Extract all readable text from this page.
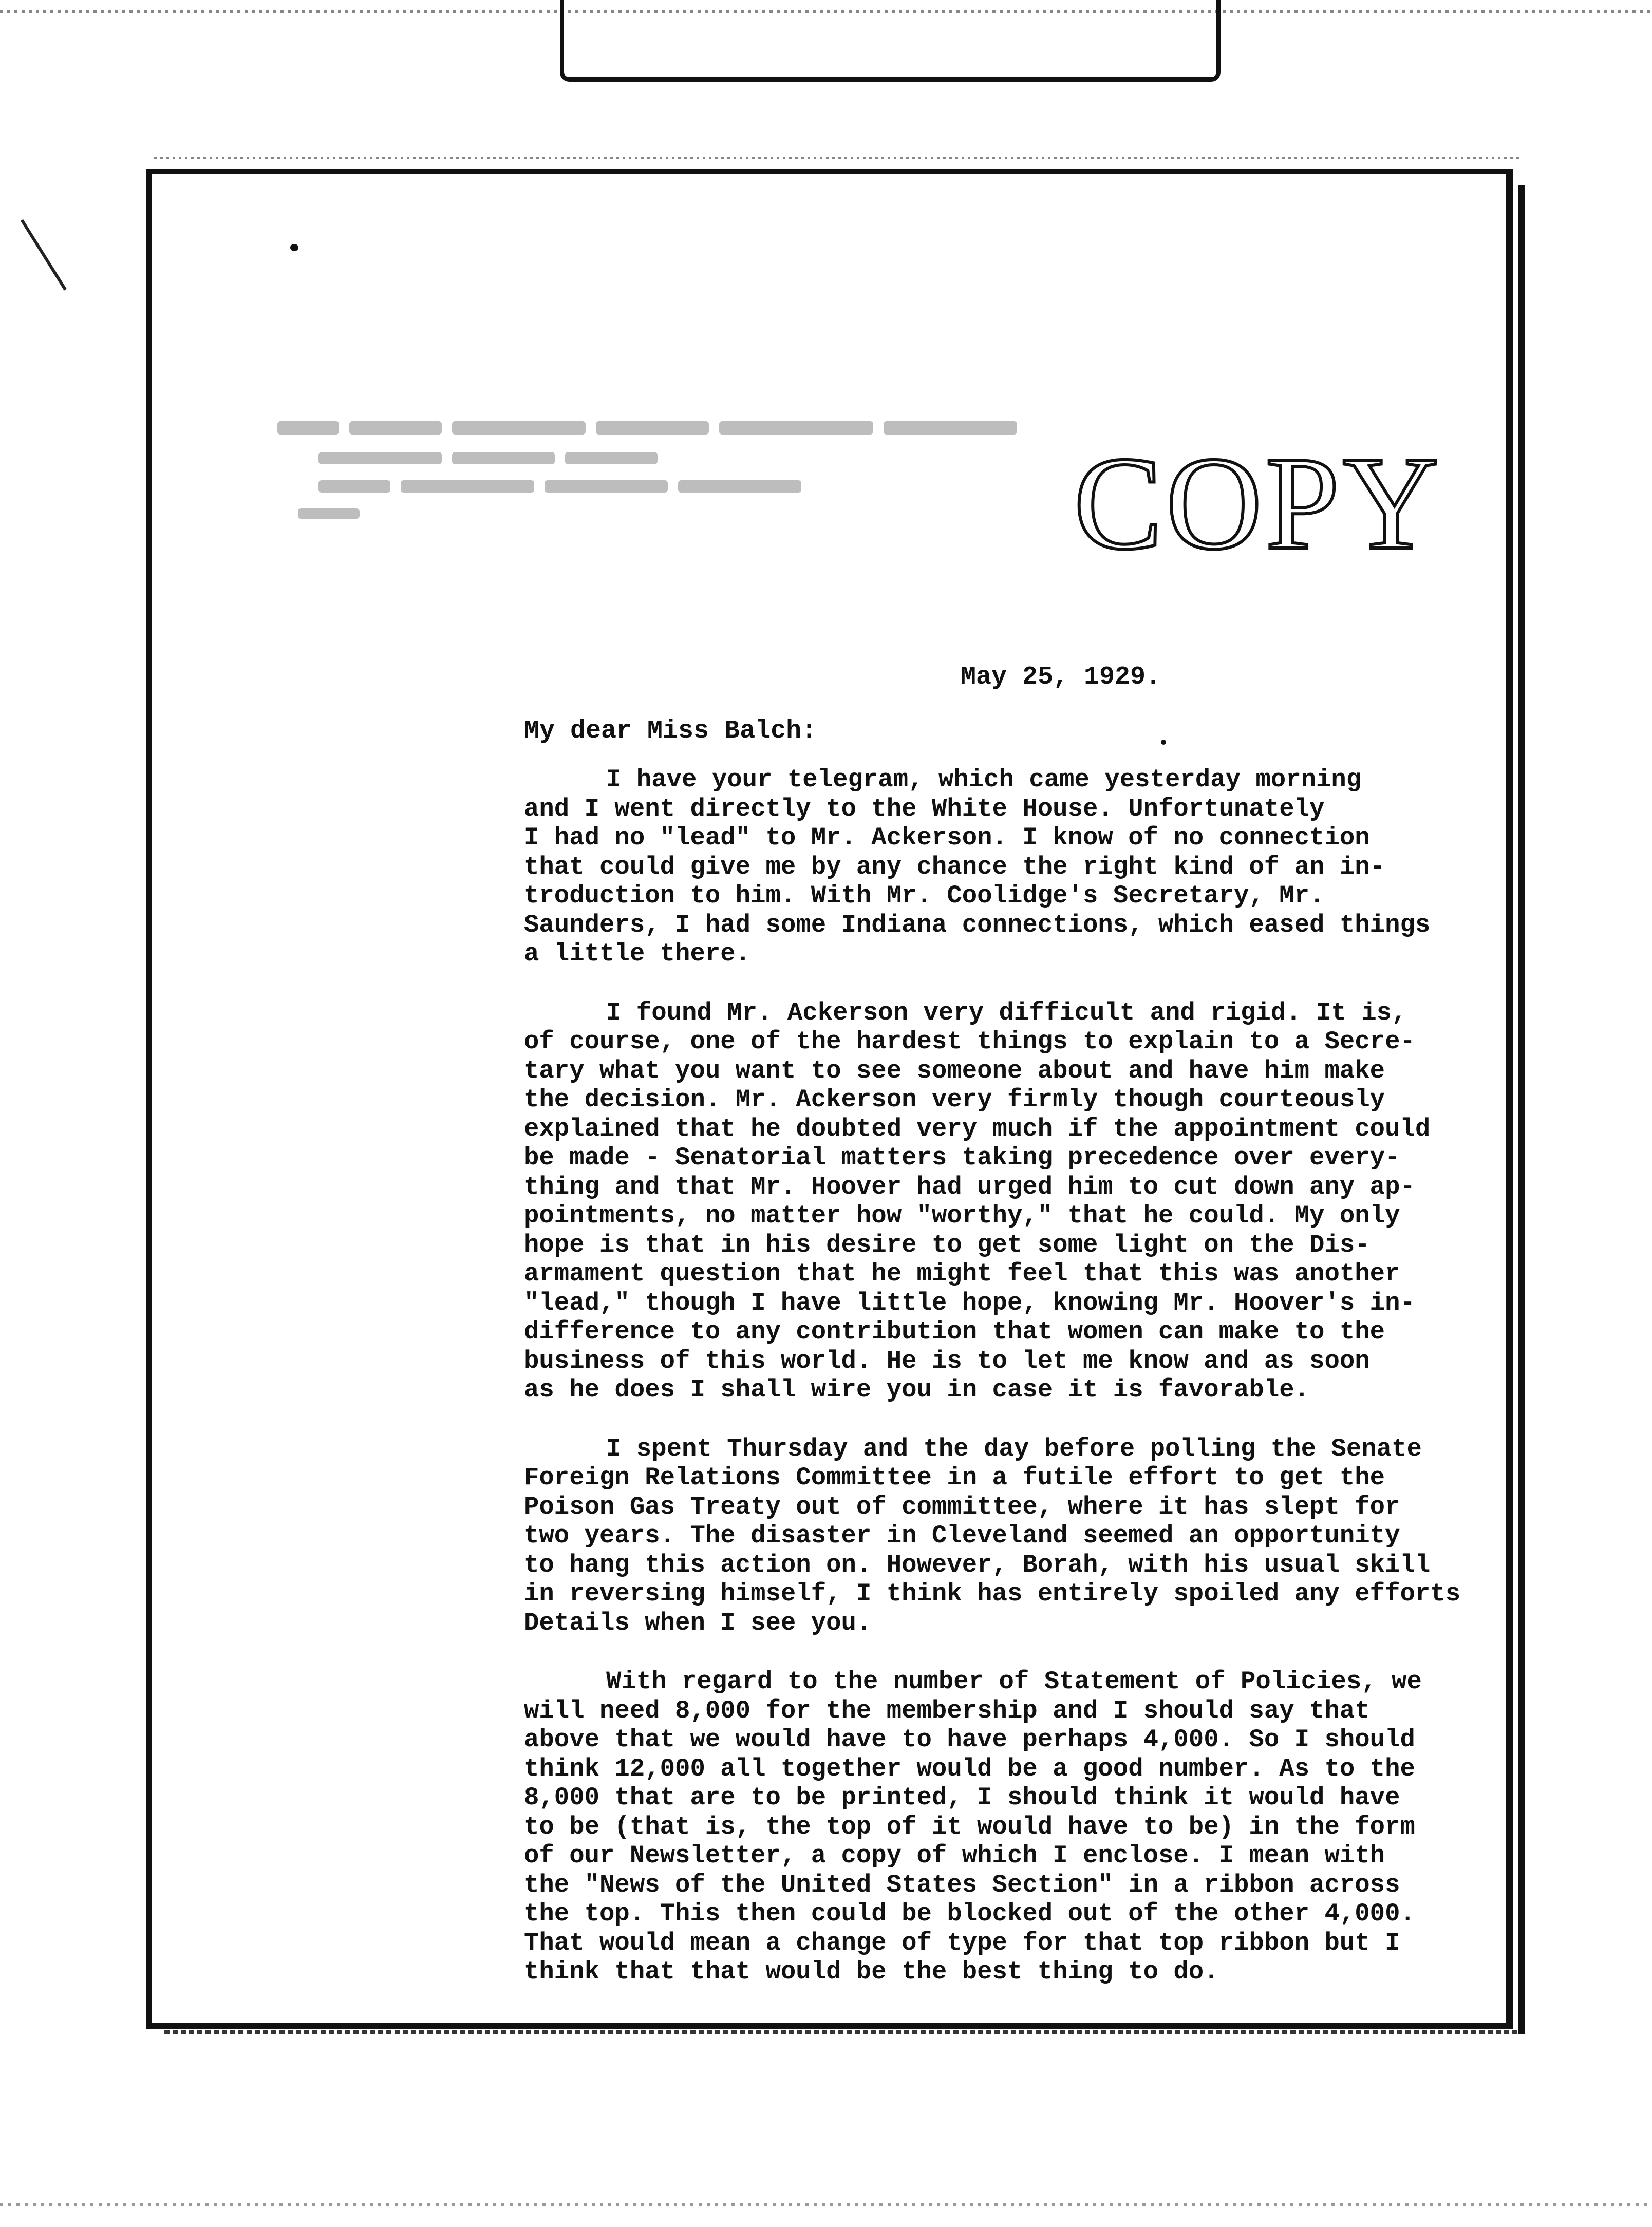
COPY
May 25, 1929.
My dear Miss Balch:
I have your telegram, which came yesterday morning
and I went directly to the White House. Unfortunately
I had no "lead" to Mr. Ackerson. I know of no connection
that could give me by any chance the right kind of an in-
troduction to him. With Mr. Coolidge's Secretary, Mr.
Saunders, I had some Indiana connections, which eased things
a little there.
I found Mr. Ackerson very difficult and rigid. It is,
of course, one of the hardest things to explain to a Secre-
tary what you want to see someone about and have him make
the decision. Mr. Ackerson very firmly though courteously
explained that he doubted very much if the appointment could
be made - Senatorial matters taking precedence over every-
thing and that Mr. Hoover had urged him to cut down any ap-
pointments, no matter how "worthy," that he could. My only
hope is that in his desire to get some light on the Dis-
armament question that he might feel that this was another
"lead," though I have little hope, knowing Mr. Hoover's in-
difference to any contribution that women can make to the
business of this world. He is to let me know and as soon
as he does I shall wire you in case it is favorable.
I spent Thursday and the day before polling the Senate
Foreign Relations Committee in a futile effort to get the
Poison Gas Treaty out of committee, where it has slept for
two years. The disaster in Cleveland seemed an opportunity
to hang this action on. However, Borah, with his usual skill
in reversing himself, I think has entirely spoiled any efforts
Details when I see you.
With regard to the number of Statement of Policies, we
will need 8,000 for the membership and I should say that
above that we would have to have perhaps 4,000. So I should
think 12,000 all together would be a good number. As to the
8,000 that are to be printed, I should think it would have
to be (that is, the top of it would have to be) in the form
of our Newsletter, a copy of which I enclose. I mean with
the "News of the United States Section" in a ribbon across
the top. This then could be blocked out of the other 4,000.
That would mean a change of type for that top ribbon but I
think that that would be the best thing to do.
